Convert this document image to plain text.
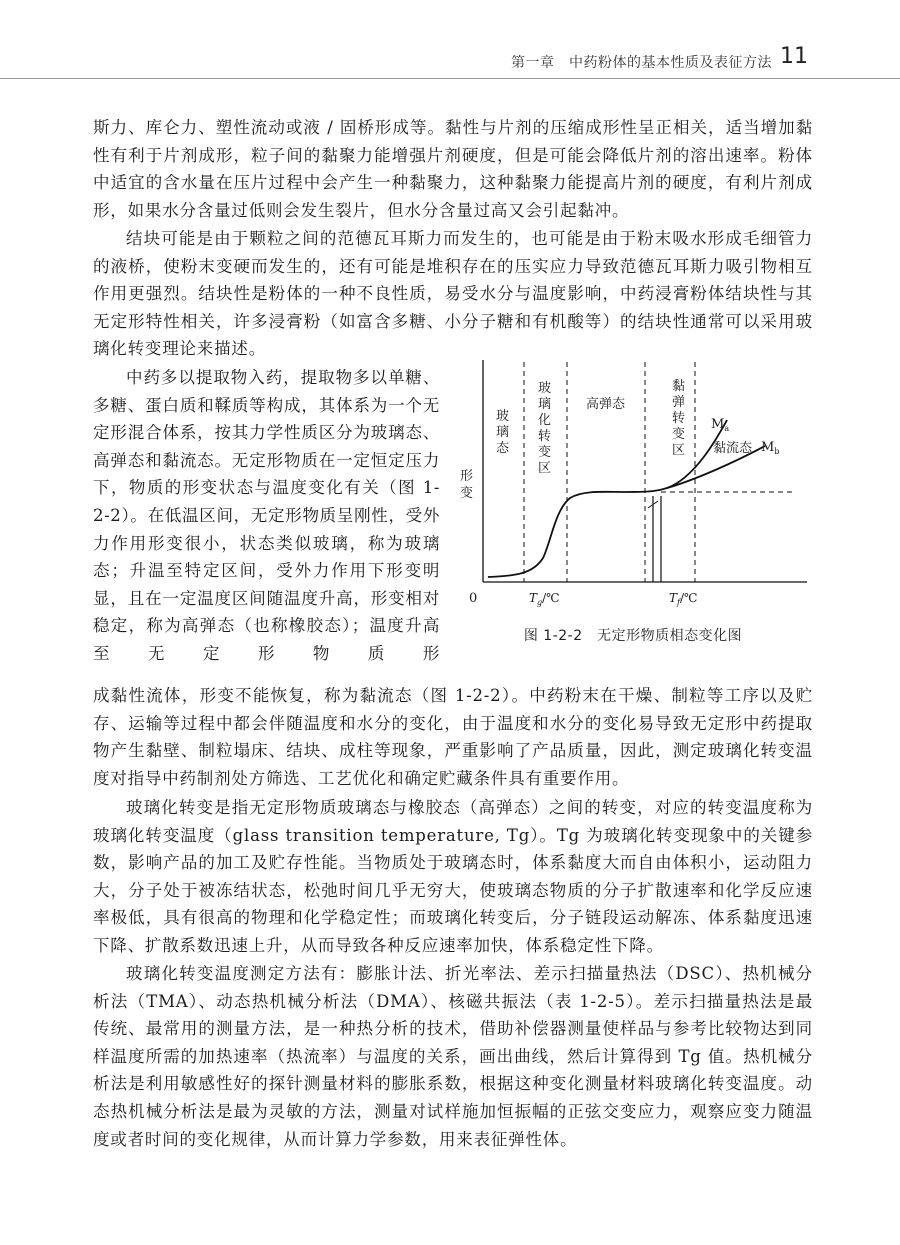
第一章　中药粉体的基本性质及表征方法 11

斯力、库仑力、塑性流动或液 / 固桥形成等。黏性与片剂的压缩成形性呈正相关，适当增加黏性有利于片剂成形，粒子间的黏聚力能增强片剂硬度，但是可能会降低片剂的溶出速率。粉体中适宜的含水量在压片过程中会产生一种黏聚力，这种黏聚力能提高片剂的硬度，有利片剂成形，如果水分含量过低则会发生裂片，但水分含量过高又会引起黏冲。

结块可能是由于颗粒之间的范德瓦耳斯力而发生的，也可能是由于粉末吸水形成毛细管力的液桥，使粉末变硬而发生的，还有可能是堆积存在的压实应力导致范德瓦耳斯力吸引物相互作用更强烈。结块性是粉体的一种不良性质，易受水分与温度影响，中药浸膏粉体结块性与其无定形特性相关，许多浸膏粉（如富含多糖、小分子糖和有机酸等）的结块性通常可以采用玻璃化转变理论来描述。

中药多以提取物入药，提取物多以单糖、多糖、蛋白质和鞣质等构成，其体系为一个无定形混合体系，按其力学性质区分为玻璃态、高弹态和黏流态。无定形物质在一定恒定压力下，物质的形变状态与温度变化有关（图 1-2-2）。在低温区间，无定形物质呈刚性，受外力作用形变很小，状态类似玻璃，称为玻璃态；升温至特定区间，受外力作用下形变明显，且在一定温度区间随温度升高，形变相对稳定，称为高弹态（也称橡胶态）；温度升高至无定形物质形

成黏性流体，形变不能恢复，称为黏流态（图 1-2-2）。中药粉末在干燥、制粒等工序以及贮存、运输等过程中都会伴随温度和水分的变化，由于温度和水分的变化易导致无定形中药提取物产生黏壁、制粒塌床、结块、成柱等现象，严重影响了产品质量，因此，测定玻璃化转变温度对指导中药制剂处方筛选、工艺优化和确定贮藏条件具有重要作用。

玻璃化转变是指无定形物质玻璃态与橡胶态（高弹态）之间的转变，对应的转变温度称为玻璃化转变温度（glass transition temperature, Tg）。Tg 为玻璃化转变现象中的关键参数，影响产品的加工及贮存性能。当物质处于玻璃态时，体系黏度大而自由体积小，运动阻力大，分子处于被冻结状态，松弛时间几乎无穷大，使玻璃态物质的分子扩散速率和化学反应速率极低，具有很高的物理和化学稳定性；而玻璃化转变后，分子链段运动解冻、体系黏度迅速下降、扩散系数迅速上升，从而导致各种反应速率加快，体系稳定性下降。

玻璃化转变温度测定方法有：膨胀计法、折光率法、差示扫描量热法（DSC）、热机械分析法（TMA）、动态热机械分析法（DMA）、核磁共振法（表 1-2-5）。差示扫描量热法是最传统、最常用的测量方法，是一种热分析的技术，借助补偿器测量使样品与参考比较物达到同样温度所需的加热速率（热流率）与温度的关系，画出曲线，然后计算得到 Tg 值。热机械分析法是利用敏感性好的探针测量材料的膨胀系数，根据这种变化测量材料玻璃化转变温度。动态热机械分析法是最为灵敏的方法，测量对试样施加恒振幅的正弦交变应力，观察应变力随温度或者时间的变化规律，从而计算力学参数，用来表征弹性体。

0
形变
玻璃态
玻璃化转变区
高弹态
黏弹转变区 黏流态
$M_a$
$M_b$
$T_g/℃$	$T_f/℃$
图 1-2-2　无定形物质相态变化图
